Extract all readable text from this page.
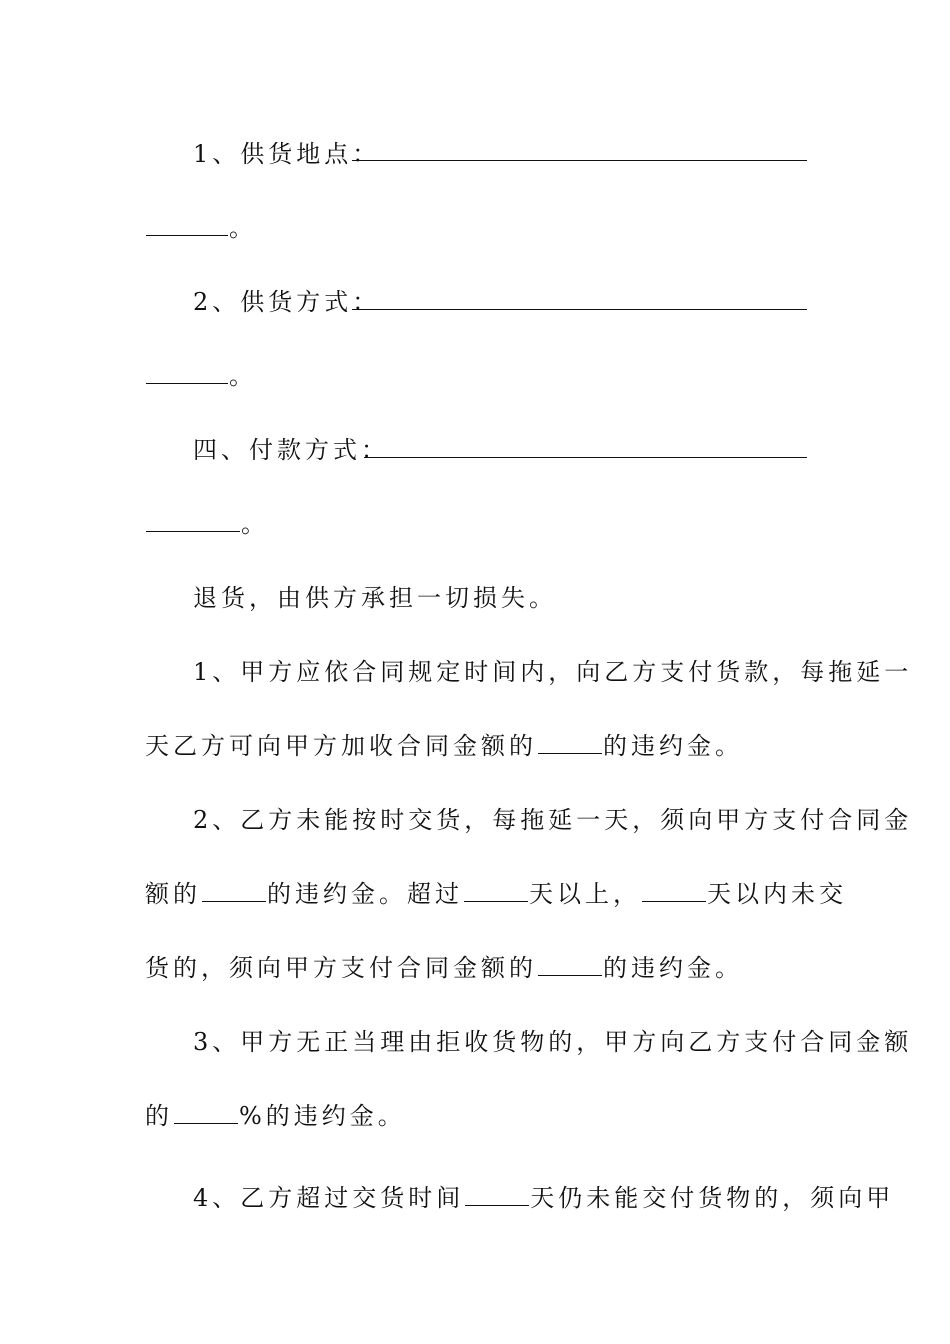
1、供货地点：
。
2、供货方式：
。
四、付款方式：
。
退货，由供方承担一切损失。
1、甲方应依合同规定时间内，向乙方支付货款，每拖延一
天乙方可向甲方加收合同金额的	的违约金。
2、乙方未能按时交货，每拖延一天，须向甲方支付合同金
额的	的违约金。超过	天以上，	天以内未交
货的，须向甲方支付合同金额的	的违约金。
3、甲方无正当理由拒收货物的，甲方向乙方支付合同金额
的	%的违约金。
4、乙方超过交货时间	天仍未能交付货物的，须向甲
